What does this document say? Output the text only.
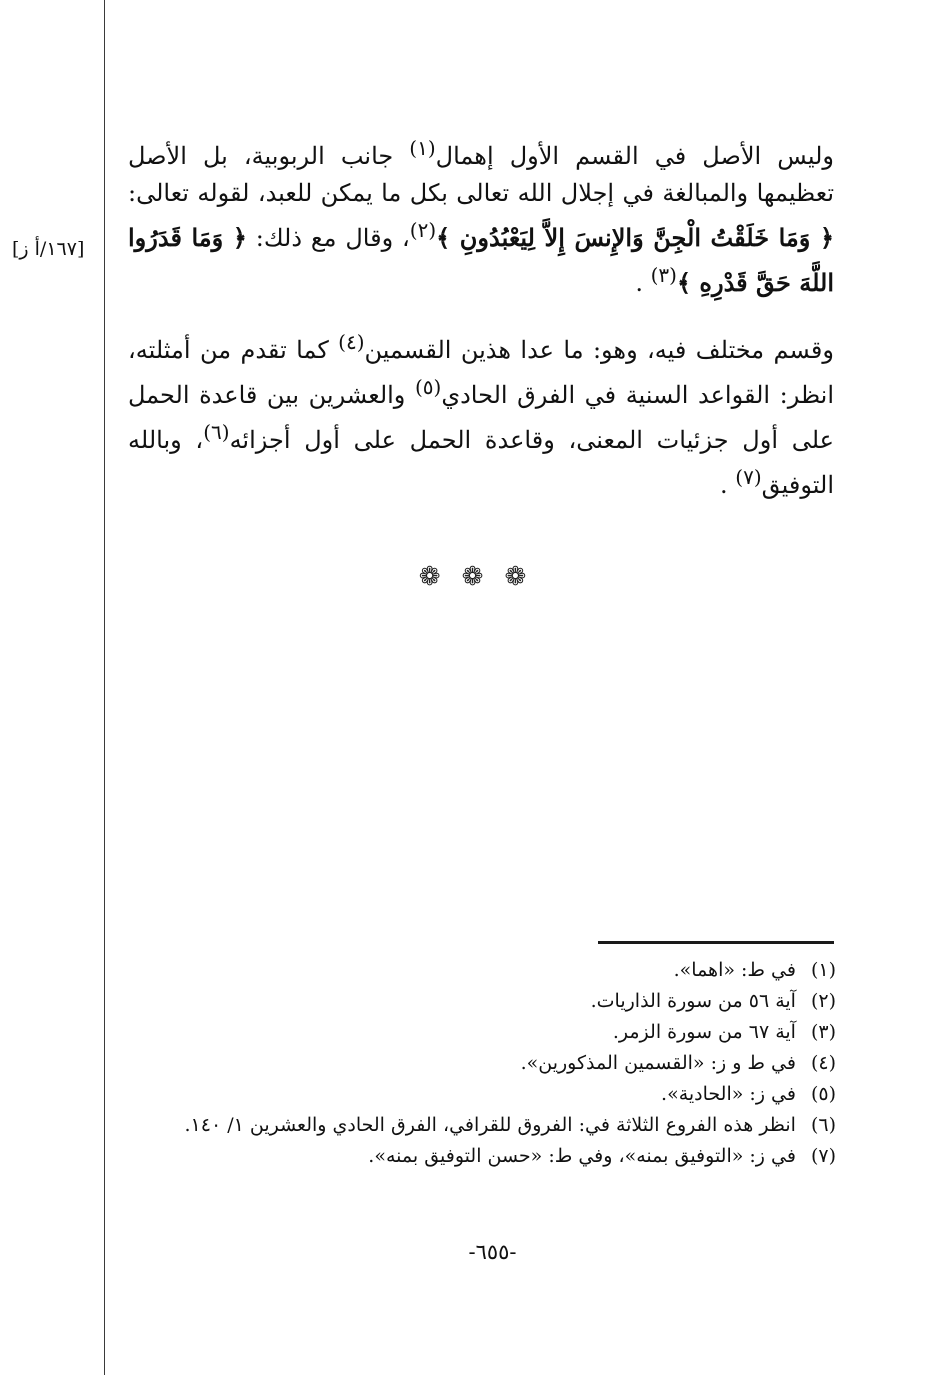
[١٦٧/أ ز]

وليس الأصل في القسم الأول إهمال$^{(١)}$ جانب الربوبية، بل الأصل تعظيمها والمبالغة في إجلال الله تعالى بكل ما يمكن للعبد، لقوله تعالى: ﴿ وَمَا خَلَقْتُ الْجِنَّ وَالإِنسَ إِلاَّ لِيَعْبُدُونِ ﴾$^{(٢)}$، وقال مع ذلك: ﴿ وَمَا قَدَرُوا اللَّهَ حَقَّ قَدْرِهِ ﴾$^{(٣)}$ .

وقسم مختلف فيه، وهو: ما عدا هذين القسمين$^{(٤)}$ كما تقدم من أمثلته، انظر: القواعد السنية في الفرق الحادي$^{(٥)}$ والعشرين بين قاعدة الحمل على أول جزئيات المعنى، وقاعدة الحمل على أول أجزائه$^{(٦)}$، وبالله التوفيق$^{(٧)}$ .

❁ ❁ ❁

(١) في ط: «اهما».

(٢) آية ٥٦ من سورة الذاريات.

(٣) آية ٦٧ من سورة الزمر.

(٤) في ط و ز: «القسمين المذكورين».

(٥) في ز: «الحادية».

(٦) انظر هذه الفروع الثلاثة في: الفروق للقرافي، الفرق الحادي والعشرين ١/ ١٤٠.

(٧) في ز: «التوفيق بمنه»، وفي ط: «حسن التوفيق بمنه».

-٦٥٥-
